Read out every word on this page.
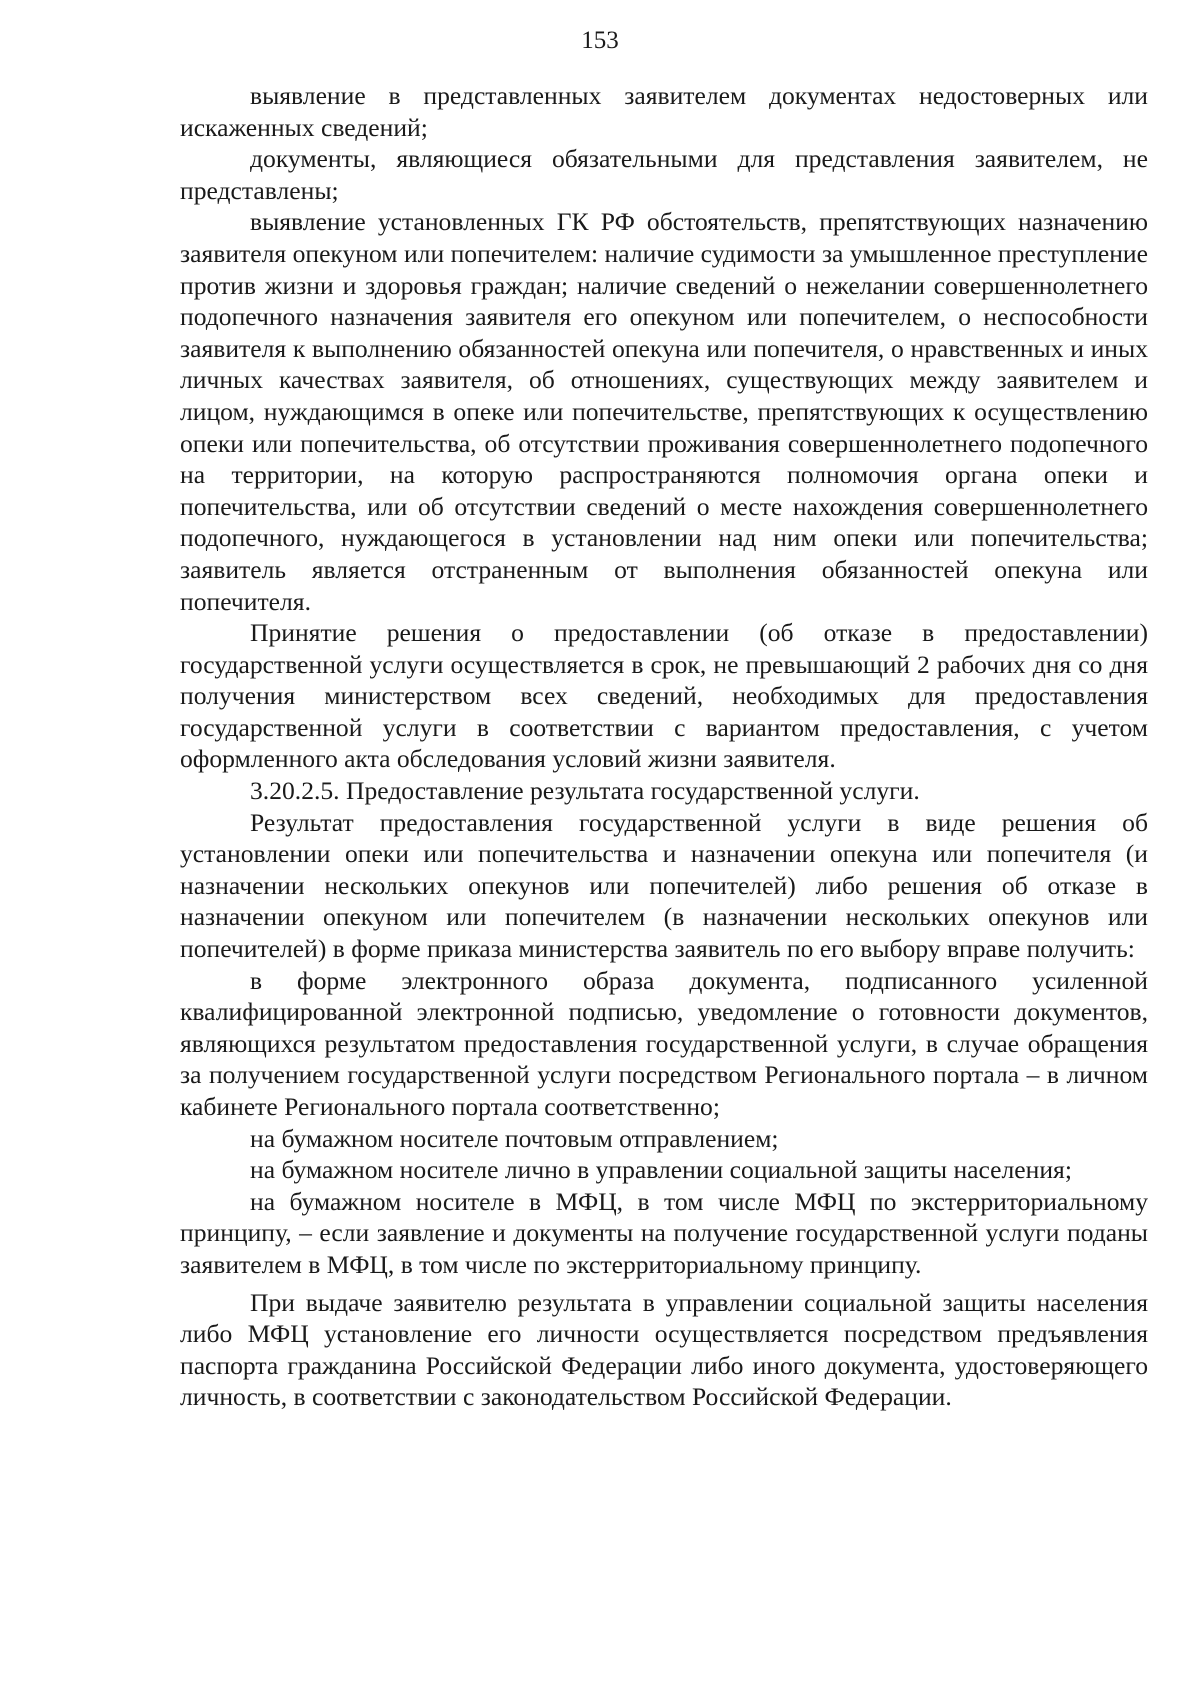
153

выявление в представленных заявителем документах недостоверных или искаженных сведений;

документы, являющиеся обязательными для представления заявителем, не представлены;

выявление установленных ГК РФ обстоятельств, препятствующих назначению заявителя опекуном или попечителем: наличие судимости за умышленное преступление против жизни и здоровья граждан; наличие сведений о нежелании совершеннолетнего подопечного назначения заявителя его опекуном или попечителем, о неспособности заявителя к выполнению обязанностей опекуна или попечителя, о нравственных и иных личных качествах заявителя, об отношениях, существующих между заявителем и лицом, нуждающимся в опеке или попечительстве, препятствующих к осуществлению опеки или попечительства, об отсутствии проживания совершеннолетнего подопечного на территории, на которую распространяются полномочия органа опеки и попечительства, или об отсутствии сведений о месте нахождения совершеннолетнего подопечного, нуждающегося в установлении над ним опеки или попечительства; заявитель является отстраненным от выполнения обязанностей опекуна или попечителя.

Принятие решения о предоставлении (об отказе в предоставлении) государственной услуги осуществляется в срок, не превышающий 2 рабочих дня со дня получения министерством всех сведений, необходимых для предоставления государственной услуги в соответствии с вариантом предоставления, с учетом оформленного акта обследования условий жизни заявителя.

3.20.2.5. Предоставление результата государственной услуги.

Результат предоставления государственной услуги в виде решения об установлении опеки или попечительства и назначении опекуна или попечителя (и назначении нескольких опекунов или попечителей) либо решения об отказе в назначении опекуном или попечителем (в назначении нескольких опекунов или попечителей) в форме приказа министерства заявитель по его выбору вправе получить:

в форме электронного образа документа, подписанного усиленной квалифицированной электронной подписью, уведомление о готовности документов, являющихся результатом предоставления государственной услуги, в случае обращения за получением государственной услуги посредством Регионального портала – в личном кабинете Регионального портала соответственно;

на бумажном носителе почтовым отправлением;

на бумажном носителе лично в управлении социальной защиты населения;

на бумажном носителе в МФЦ, в том числе МФЦ по экстерриториальному принципу, – если заявление и документы на получение государственной услуги поданы заявителем в МФЦ, в том числе по экстерриториальному принципу.

При выдаче заявителю результата в управлении социальной защиты населения либо МФЦ установление его личности осуществляется посредством предъявления паспорта гражданина Российской Федерации либо иного документа, удостоверяющего личность, в соответствии с законодательством Российской Федерации.
